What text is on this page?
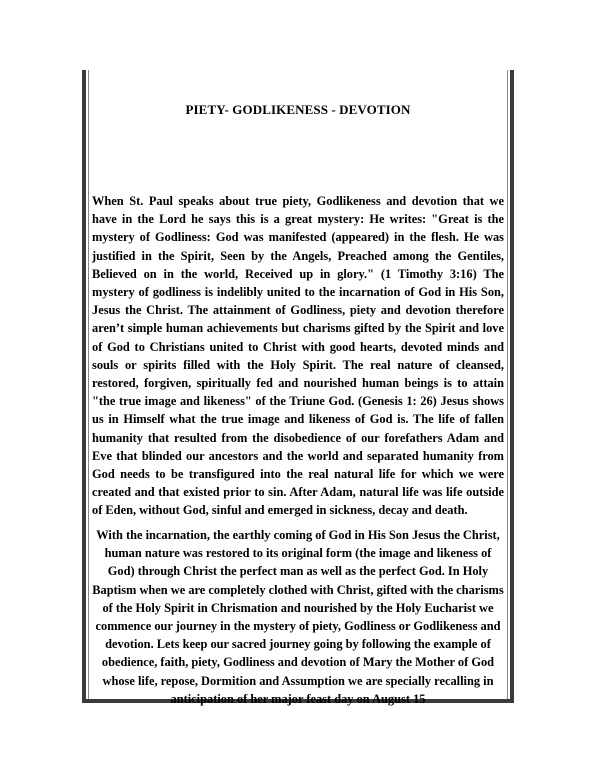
PIETY- GODLIKENESS - DEVOTION
When St. Paul speaks about true piety, Godlikeness and devotion that we have in the Lord he says this is a great mystery: He writes: "Great is the mystery of Godliness: God was manifested (appeared) in the flesh. He was justified in the Spirit, Seen by the Angels, Preached among the Gentiles, Believed on in the world, Received up in glory." (1 Timothy 3:16) The mystery of godliness is indelibly united to the incarnation of God in His Son, Jesus the Christ. The attainment of Godliness, piety and devotion therefore aren’t simple human achievements but charisms gifted by the Spirit and love of God to Christians united to Christ with good hearts, devoted minds and souls or spirits filled with the Holy Spirit. The real nature of cleansed, restored, forgiven, spiritually fed and nourished human beings is to attain "the true image and likeness" of the Triune God. (Genesis 1: 26) Jesus shows us in Himself what the true image and likeness of God is. The life of fallen humanity that resulted from the disobedience of our forefathers Adam and Eve that blinded our ancestors and the world and separated humanity from God needs to be transfigured into the real natural life for which we were created and that existed prior to sin. After Adam, natural life was life outside of Eden, without God, sinful and emerged in sickness, decay and death.
With the incarnation, the earthly coming of God in His Son Jesus the Christ, human nature was restored to its original form (the image and likeness of God) through Christ the perfect man as well as the perfect God. In Holy Baptism when we are completely clothed with Christ, gifted with the charisms of the Holy Spirit in Chrismation and nourished by the Holy Eucharist we commence our journey in the mystery of piety, Godliness or Godlikeness and devotion. Lets keep our sacred journey going by following the example of obedience, faith, piety, Godliness and devotion of Mary the Mother of God whose life, repose, Dormition and Assumption we are specially recalling in anticipation of her major feast day on August 15
